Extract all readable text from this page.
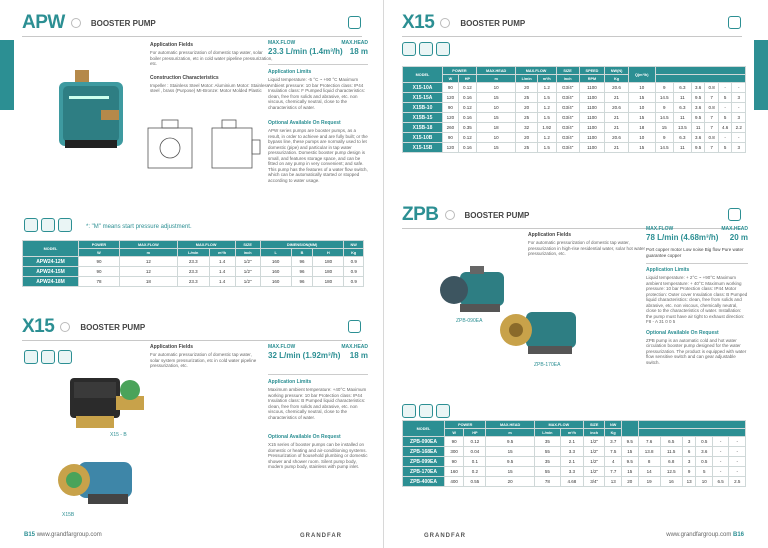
APW	BOOSTER PUMP
Application Fields
For automatic pressurization of domestic tap water, solar boiler pressurization, etc in cold water pipeline pressurization, etc.
Construction Characteristics
Impeller : Stainless Steel Motor: Aluminium Motor: Stainless steel , brass (Purpose) MI-Bronze: Motor Molded Plastic
MAX.FLOW	MAX.HEAD
23.3 L/min (1.4m³/h) 18 m
Application Limits
Liquid temperature: -5 °C ~ +90 °C Maximum Ambient pressure: 10 bar Protection class: IP44 Insulation class: F Pumped liquid characteristics: clean, free from solids and abrasive, etc. non viscous, chemically neutral, close to the characteristics of water.
Optional Available On Request
APW series pumps are booster pumps, as a result, in order to achieve and are fully built; or the bypass line, these pumps are normally used to let domestic (pipe) and particular in tap water pressurization. Domestic booster pump design is small, and features storage space, and can be fitted on any pump in very convenient; and safe. This pump has the features of a water flow switch, which can be automatically started or stopped according to water usage.
*: "M" means start pressure adjustment.
MODEL	POWER	MAX.FLOW	MAX.FLOW		SIZE	DIMENSION(MM)			NW
	W	m	L/min	m³/h	inch	L	B	H	Kg
APW24-12M	90	12	23.3	1.4	1/2"	160	96	180	0.9
APW24-15M	90	12	23.3	1.4	1/2"	160	96	180	0.9
APW24-18M	78	18	23.3	1.4	1/2"	160	96	180	0.9
X15	BOOSTER PUMP
X15 - B
X15B
Application Fields
For automatic pressurization of domestic tap water, solar system pressurization, etc in cold water pipeline pressurization, etc.
MAX.FLOW	MAX.HEAD
32 L/min (1.92m³/h) 18 m
Application Limits
Maximum ambient temperature: +40°C Maximum working pressure: 10 bar Protection class: IP44 Insulation class: B Pumped liquid characteristics: clean, free from solids and abrasive, etc. non viscous, chemically neutral, close to the characteristics of water.
Optional Available On Request
X15 series of booster pumps can be installed on domestic or heating and air-conditioning systems. Pressurization of household plumbing or domestic shower and shower room. Silent pump body, modern pump body, stainless with pump inlet.
B15 www.grandfargroup.com	GRANDFAR
X15	BOOSTER PUMP
MODEL	POWER		MAX.HEAD	MAX.FLOW		SIZE	SPEED	NW(N)	Q(m³/h)						
	W	HP	m	L/min	m³/h	inch	RPM	Kg							
X15-10A	90	0.12	10	20	1.2	G3/4"	1100	20.6	10	9	6.3	3.6	0.8	-	-
X15-15A	120	0.16	15	25	1.5	G3/4"	1100	21	15	14.5	11	9.5	7	5	3
X15B-10	90	0.12	10	20	1.2	G3/4"	1100	20.6	10	9	6.3	3.6	0.8	-	-
X15B-15	120	0.16	15	25	1.5	G3/4"	1100	21	15	14.5	11	9.5	7	5	3
X15B-18	260	0.35	18	32	1.92	G3/4"	1100	21	18	15	13.5	11	7	4.6	2.2
X15-10B	90	0.12	10	20	1.2	G3/4"	1100	20.6	10	9	6.3	3.6	0.8	-	-
X15-15B	120	0.16	15	25	1.5	G3/4"	1100	21	15	14.5	11	9.5	7	5	3
ZPB	BOOSTER PUMP
ZPB-090EA
ZPB-170EA
Application Fields
For automatic pressurization of domestic tap water, pressurization in high-rise residential water, solar hot water pressurization, etc.
MAX.FLOW	MAX.HEAD
78 L/min (4.68m³/h) 20 m
Port copper motor Low noise Big flow Pure water guarantee copper
Application Limits
Liquid temperature: + 2°C ~ +90°C Maximum ambient temperature: + 40°C Maximum working pressure: 10 bar Protection class: IP44 Motor protection: Outer cover Insulation class: B Pumped liquid characteristics: clean, free from solids and abrasive, etc. non viscous, chemically neutral, close to the characteristics of water. Installation: the pump must have air tight to exhaust direction: F8 - A 31 0 0 5
Optional Available On Request
ZPB pump is an automatic cold and hot water circulation booster pump designed for the water pressurization. The product is equipped with water flow sensitive switch and can gear adjustable switch.
MODEL	POWER		MAX.HEAD	MAX.FLOW		SIZE	NW							
	W	HP	m	L/min	m³/h	inch	Kg							
ZPB-090EA	90	0.12	9.5	35	2.1	1/2"	3.7	9.5	7.6	6.5	3	0.5	-	-
ZPB-168EA	300	0.04	15	55	3.3	1/2"	7.5	15	13.8	11.5	6	3.6	-	-
ZPB-099EA	90	0.1	9.5	35	2.1	1/2"	4	9.5	8	6.8	3	0.5	-	-
ZPB-170EA	160	0.2	15	55	3.3	1/2"	7.7	15	14	12.5	9	5	-	-
ZPB-400EA	400	0.55	20	78	4.68	3/4"	13	20	19	16	13	10	6.5	2.5
GRANDFAR	www.grandfargroup.com B16
